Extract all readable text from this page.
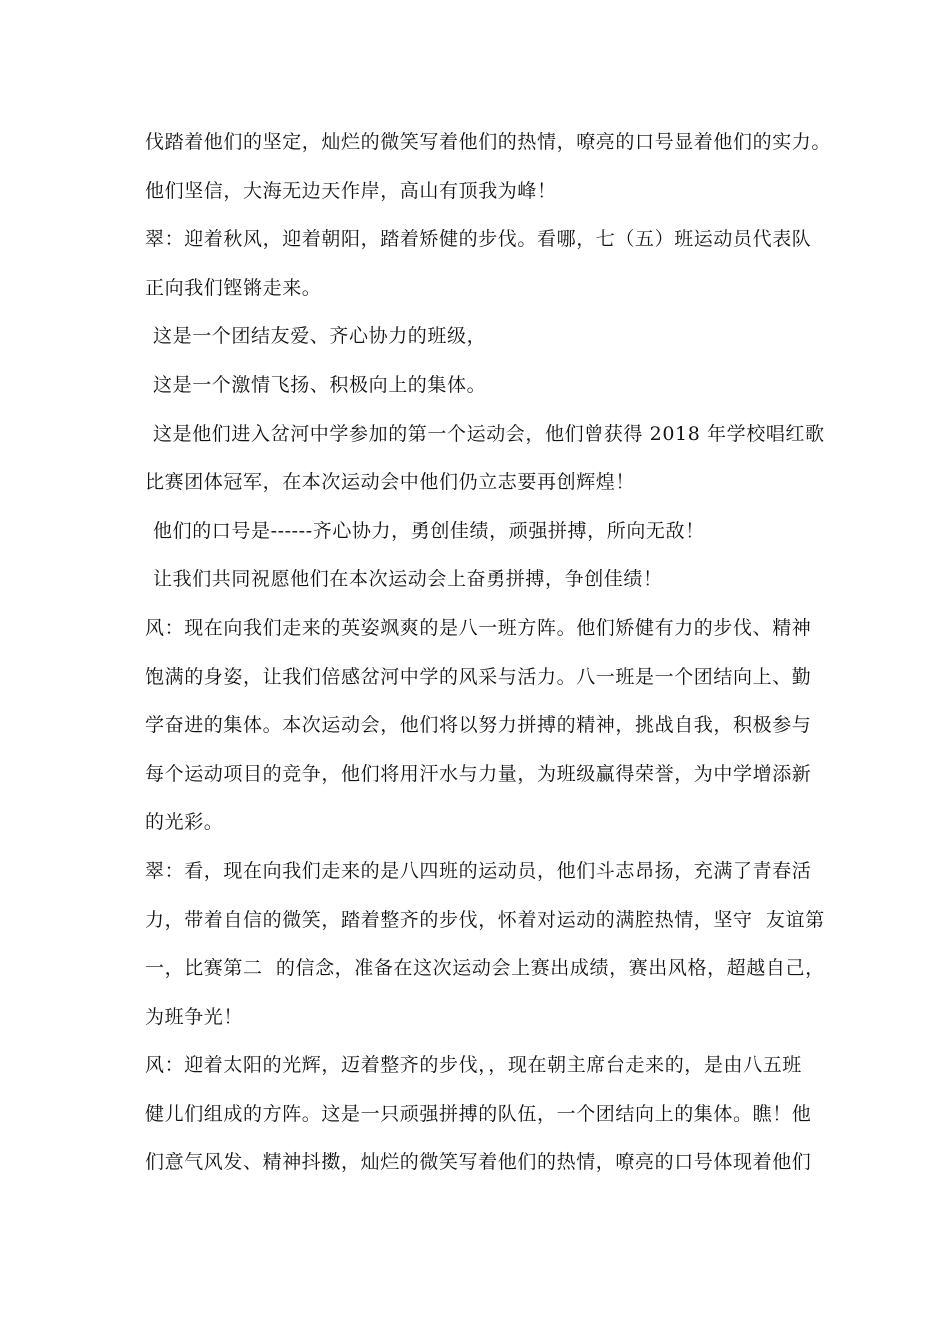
伐踏着他们的坚定，灿烂的微笑写着他们的热情，嘹亮的口号显着他们的实力。
他们坚信，大海无边天作岸，高山有顶我为峰！
翠：迎着秋风，迎着朝阳，踏着矫健的步伐。看哪，七（五）班运动员代表队
正向我们铿锵走来。
这是一个团结友爱、齐心协力的班级，
这是一个激情飞扬、积极向上的集体。
这是他们进入岔河中学参加的第一个运动会，他们曾获得 2018 年学校唱红歌
比赛团体冠军，在本次运动会中他们仍立志要再创辉煌！
他们的口号是------齐心协力，勇创佳绩，顽强拼搏，所向无敌！
让我们共同祝愿他们在本次运动会上奋勇拼搏，争创佳绩！
风：现在向我们走来的英姿飒爽的是八一班方阵。他们矫健有力的步伐、精神
饱满的身姿，让我们倍感岔河中学的风采与活力。八一班是一个团结向上、勤
学奋进的集体。本次运动会，他们将以努力拼搏的精神，挑战自我，积极参与
每个运动项目的竞争，他们将用汗水与力量，为班级赢得荣誉，为中学增添新
的光彩。
翠：看，现在向我们走来的是八四班的运动员，他们斗志昂扬，充满了青春活
力，带着自信的微笑，踏着整齐的步伐，怀着对运动的满腔热情，坚守  友谊第
一，比赛第二  的信念，准备在这次运动会上赛出成绩，赛出风格，超越自己，
为班争光！
风：迎着太阳的光辉，迈着整齐的步伐，，现在朝主席台走来的，是由八五班
健儿们组成的方阵。这是一只顽强拼搏的队伍，一个团结向上的集体。瞧！他
们意气风发、精神抖擞，灿烂的微笑写着他们的热情，嘹亮的口号体现着他们
